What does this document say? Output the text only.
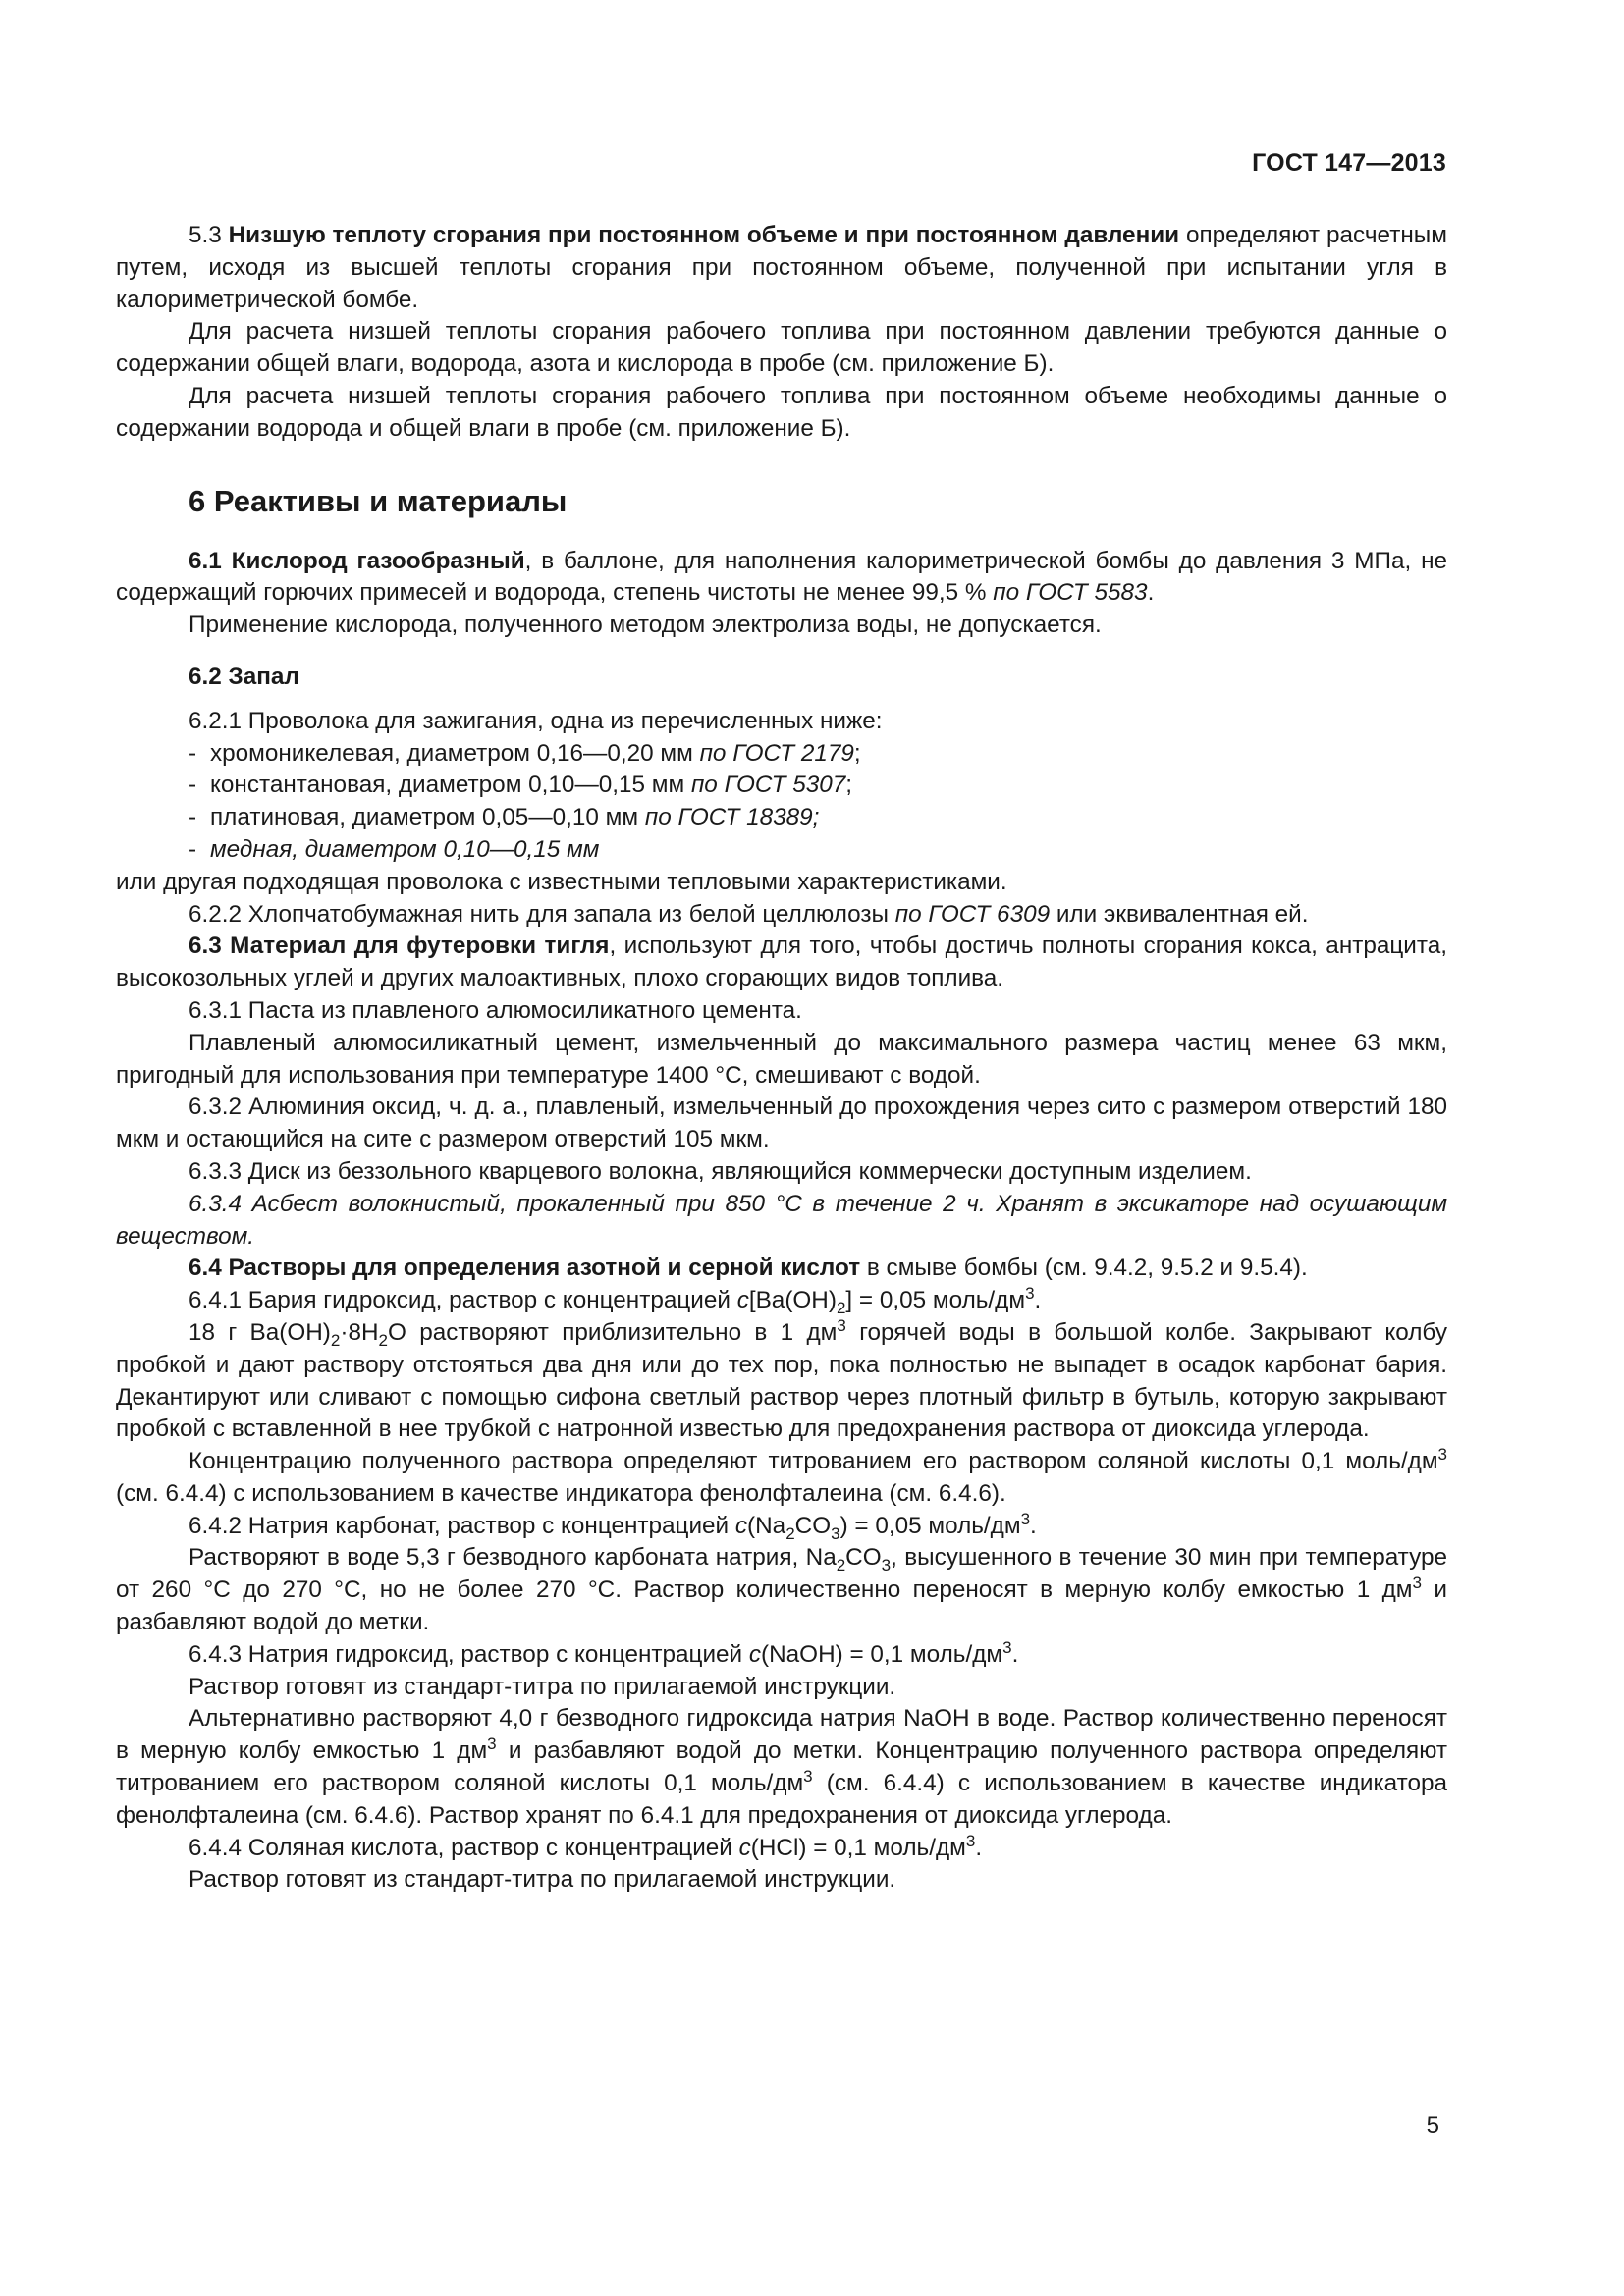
ГОСТ 147—2013

5.3 Низшую теплоту сгорания при постоянном объеме и при постоянном давлении определяют расчетным путем, исходя из высшей теплоты сгорания при постоянном объеме, полученной при испытании угля в калориметрической бомбе.

Для расчета низшей теплоты сгорания рабочего топлива при постоянном давлении требуются данные о содержании общей влаги, водорода, азота и кислорода в пробе (см. приложение Б).

Для расчета низшей теплоты сгорания рабочего топлива при постоянном объеме необходимы данные о содержании водорода и общей влаги в пробе (см. приложение Б).

6 Реактивы и материалы

6.1 Кислород газообразный, в баллоне, для наполнения калориметрической бомбы до давления 3 МПа, не содержащий горючих примесей и водорода, степень чистоты не менее 99,5 % по ГОСТ 5583.

Применение кислорода, полученного методом электролиза воды, не допускается.

6.2 Запал

6.2.1 Проволока для зажигания, одна из перечисленных ниже:

- хромоникелевая, диаметром 0,16—0,20 мм по ГОСТ 2179;

- константановая, диаметром 0,10—0,15 мм по ГОСТ 5307;

- платиновая, диаметром 0,05—0,10 мм по ГОСТ 18389;

- медная, диаметром 0,10—0,15 мм

или другая подходящая проволока с известными тепловыми характеристиками.

6.2.2 Хлопчатобумажная нить для запала из белой целлюлозы по ГОСТ 6309 или эквивалентная ей.

6.3 Материал для футеровки тигля, используют для того, чтобы достичь полноты сгорания кокса, антрацита, высокозольных углей и других малоактивных, плохо сгорающих видов топлива.

6.3.1 Паста из плавленого алюмосиликатного цемента.

Плавленый алюмосиликатный цемент, измельченный до максимального размера частиц менее 63 мкм, пригодный для использования при температуре 1400 °С, смешивают с водой.

6.3.2 Алюминия оксид, ч. д. а., плавленый, измельченный до прохождения через сито с размером отверстий 180 мкм и остающийся на сите с размером отверстий 105 мкм.

6.3.3 Диск из беззольного кварцевого волокна, являющийся коммерчески доступным изделием.

6.3.4 Асбест волокнистый, прокаленный при 850 °С в течение 2 ч. Хранят в эксикаторе над осушающим веществом.

6.4 Растворы для определения азотной и серной кислот в смыве бомбы (см. 9.4.2, 9.5.2 и 9.5.4).

6.4.1 Бария гидроксид, раствор с концентрацией $с[Ba(OH)_2] = 0,05$ моль/$дм^3$.

18 г $Ba(OH)_2\cdot 8H_2O$ растворяют приблизительно в 1 $дм^3$ горячей воды в большой колбе. Закрывают колбу пробкой и дают раствору отстояться два дня или до тех пор, пока полностью не выпадет в осадок карбонат бария. Декантируют или сливают с помощью сифона светлый раствор через плотный фильтр в бутыль, которую закрывают пробкой с вставленной в нее трубкой с натронной известью для предохранения раствора от диоксида углерода.

Концентрацию полученного раствора определяют титрованием его раствором соляной кислоты 0,1 моль/$дм^3$ (см. 6.4.4) с использованием в качестве индикатора фенолфталеина (см. 6.4.6).

6.4.2 Натрия карбонат, раствор с концентрацией $с(Na_2CO_3) = 0,05$ моль/$дм^3$.

Растворяют в воде 5,3 г безводного карбоната натрия, $Na_2CO_3$, высушенного в течение 30 мин при температуре от 260 °С до 270 °С, но не более 270 °С. Раствор количественно переносят в мерную колбу емкостью 1 $дм^3$ и разбавляют водой до метки.

6.4.3 Натрия гидроксид, раствор с концентрацией с(NaOH) = 0,1 моль/$дм^3$.

Раствор готовят из стандарт-титра по прилагаемой инструкции.

Альтернативно растворяют 4,0 г безводного гидроксида натрия NaOH в воде. Раствор количественно переносят в мерную колбу емкостью 1 $дм^3$ и разбавляют водой до метки. Концентрацию полученного раствора определяют титрованием его раствором соляной кислоты 0,1 моль/$дм^3$ (см. 6.4.4) с использованием в качестве индикатора фенолфталеина (см. 6.4.6). Раствор хранят по 6.4.1 для предохранения от диоксида углерода.

6.4.4 Соляная кислота, раствор с концентрацией с(HCl) = 0,1 моль/$дм^3$.

Раствор готовят из стандарт-титра по прилагаемой инструкции.

5
